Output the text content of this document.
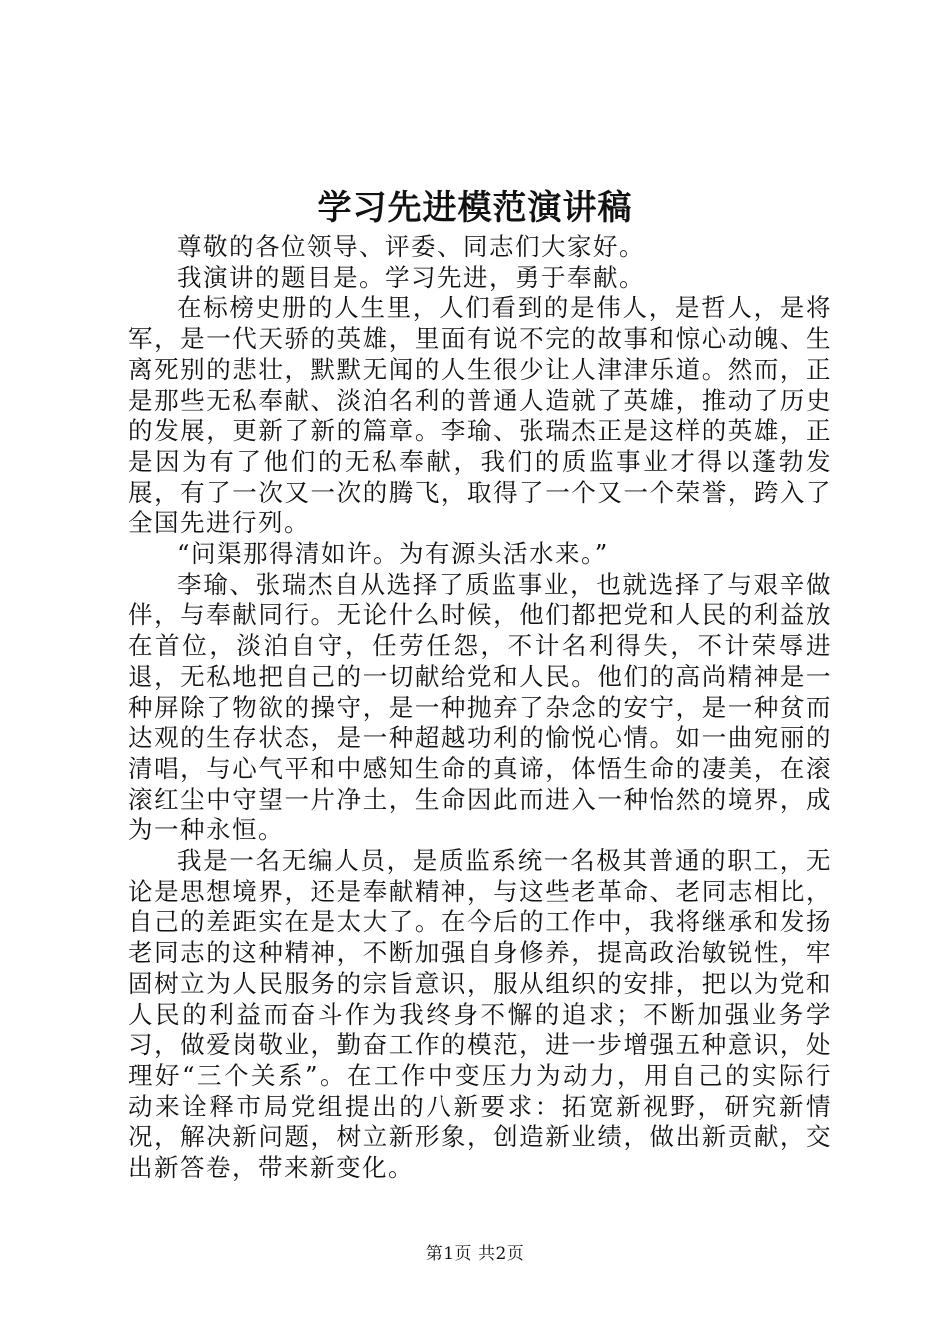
学习先进模范演讲稿

尊敬的各位领导、评委、同志们大家好。

我演讲的题目是。学习先进，勇于奉献。

在标榜史册的人生里，人们看到的是伟人，是哲人，是将军，是一代天骄的英雄，里面有说不完的故事和惊心动魄、生离死别的悲壮，默默无闻的人生很少让人津津乐道。然而，正是那些无私奉献、淡泊名利的普通人造就了英雄，推动了历史的发展，更新了新的篇章。李瑜、张瑞杰正是这样的英雄，正是因为有了他们的无私奉献，我们的质监事业才得以蓬勃发展，有了一次又一次的腾飞，取得了一个又一个荣誉，跨入了全国先进行列。

“问渠那得清如许。为有源头活水来。”

李瑜、张瑞杰自从选择了质监事业，也就选择了与艰辛做伴，与奉献同行。无论什么时候，他们都把党和人民的利益放在首位，淡泊自守，任劳任怨，不计名利得失，不计荣辱进退，无私地把自己的一切献给党和人民。他们的高尚精神是一种屏除了物欲的操守，是一种抛弃了杂念的安宁，是一种贫而达观的生存状态，是一种超越功利的愉悦心情。如一曲宛丽的清唱，与心气平和中感知生命的真谛，体悟生命的凄美，在滚滚红尘中守望一片净土，生命因此而进入一种怡然的境界，成为一种永恒。

我是一名无编人员，是质监系统一名极其普通的职工，无论是思想境界，还是奉献精神，与这些老革命、老同志相比，自己的差距实在是太大了。在今后的工作中，我将继承和发扬老同志的这种精神，不断加强自身修养，提高政治敏锐性，牢固树立为人民服务的宗旨意识，服从组织的安排，把以为党和人民的利益而奋斗作为我终身不懈的追求；不断加强业务学习，做爱岗敬业，勤奋工作的模范，进一步增强五种意识，处理好“三个关系”。在工作中变压力为动力，用自己的实际行动来诠释市局党组提出的八新要求：拓宽新视野，研究新情况，解决新问题，树立新形象，创造新业绩，做出新贡献，交出新答卷，带来新变化。

第1页 共2页
